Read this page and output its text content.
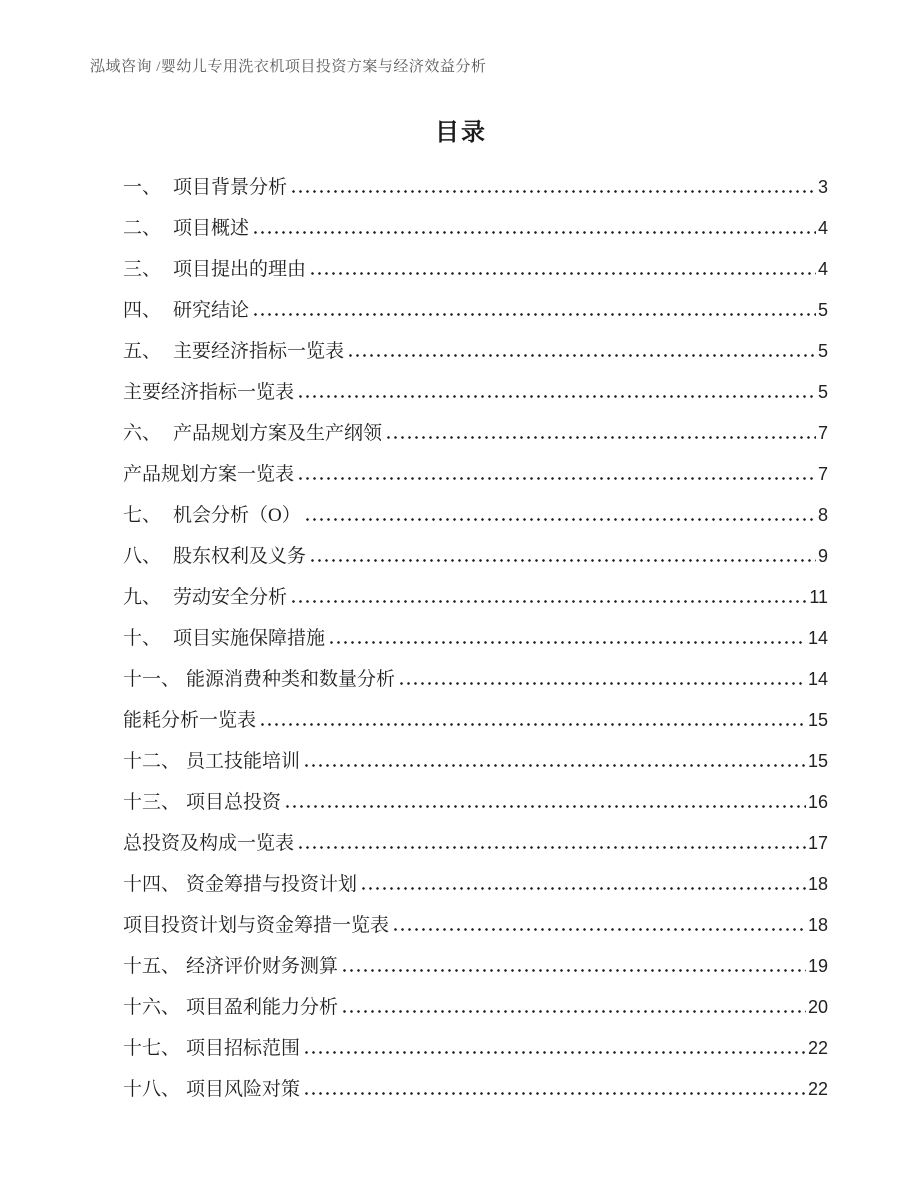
泓域咨询 /婴幼儿专用洗衣机项目投资方案与经济效益分析
目录
一、 项目背景分析	3
二、 项目概述	4
三、 项目提出的理由	4
四、 研究结论	5
五、 主要经济指标一览表	5
主要经济指标一览表	5
六、 产品规划方案及生产纲领	7
产品规划方案一览表	7
七、 机会分析（O）	8
八、 股东权利及义务	9
九、 劳动安全分析	11
十、 项目实施保障措施	14
十一、 能源消费种类和数量分析	14
能耗分析一览表	15
十二、 员工技能培训	15
十三、 项目总投资	16
总投资及构成一览表	17
十四、 资金筹措与投资计划	18
项目投资计划与资金筹措一览表	18
十五、 经济评价财务测算	19
十六、 项目盈利能力分析	20
十七、 项目招标范围	22
十八、 项目风险对策	22
